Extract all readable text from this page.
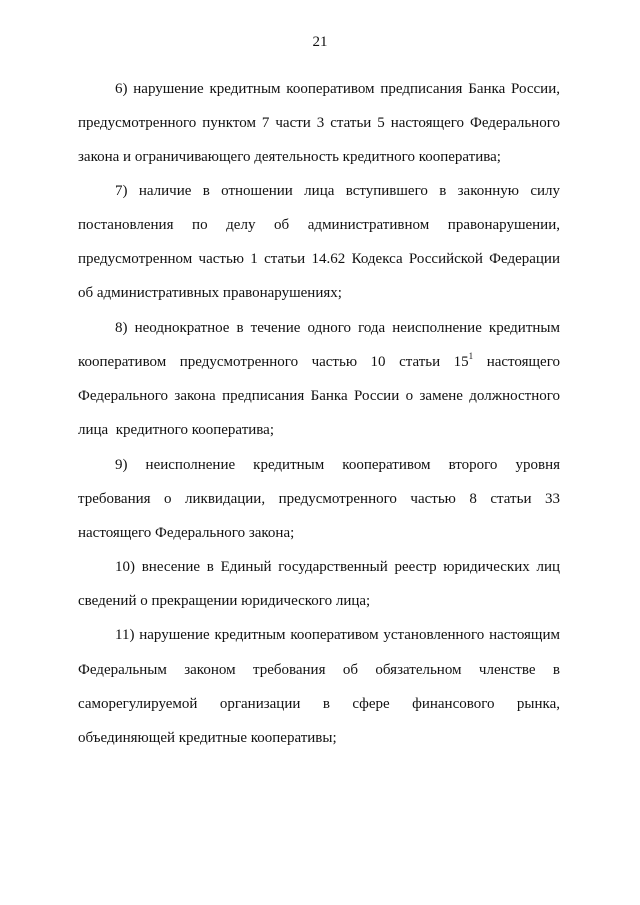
21
6) нарушение кредитным кооперативом предписания Банка России,
предусмотренного пунктом 7 части 3 статьи 5 настоящего Федерального
закона и ограничивающего деятельность кредитного кооператива;
7) наличие в отношении лица вступившего в законную силу
постановления по делу об административном правонарушении,
предусмотренном частью 1 статьи 14.62 Кодекса Российской Федерации
об административных правонарушениях;
8) неоднократное в течение одного года неисполнение кредитным
кооперативом предусмотренного частью 10 статьи $15^1$ настоящего
Федерального закона предписания Банка России о замене должностного
лица  кредитного кооператива;
9) неисполнение кредитным кооперативом второго уровня
требования о ликвидации, предусмотренного частью 8 статьи 33
настоящего Федерального закона;
10) внесение в Единый государственный реестр юридических лиц
сведений о прекращении юридического лица;
11) нарушение кредитным кооперативом установленного настоящим
Федеральным законом требования об обязательном членстве в
саморегулируемой организации в сфере финансового рынка,
объединяющей кредитные кооперативы;
